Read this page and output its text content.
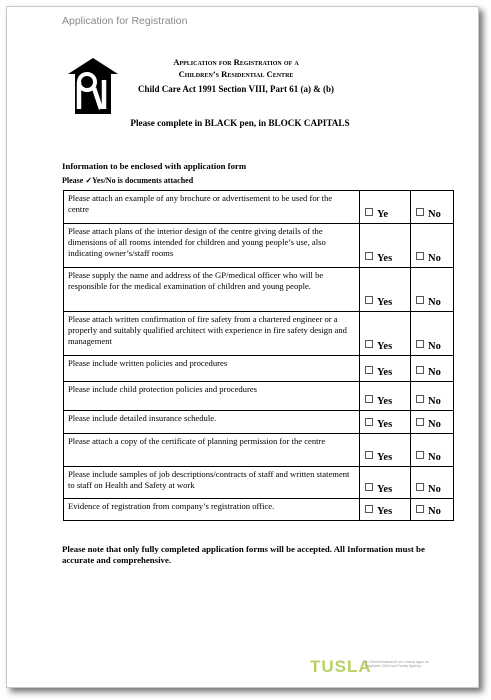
Application for Registration
Application for Registration of a
Children’s Residential Centre
Child Care Act 1991 Section VIII, Part 61 (a) & (b)
Please complete in BLACK pen, in BLOCK CAPITALS
Information to be enclosed with application form
Please ✓Yes/No is documents attached
Please attach an example of any brochure or advertisement to be used for the centre	Ye	No
Please attach plans of the interior design of the centre giving details of the dimensions of all rooms intended for children and young people’s use, also indicating owner’s/staff rooms	Yes	No
Please supply the name and address of the GP/medical officer who will be responsible for the medical examination of children and young people.	Yes	No
Please attach written confirmation of fire safety from a chartered engineer or a properly and suitably qualified architect with experience in fire safety design and management	Yes	No
Please include written policies and procedures	Yes	No
Please include child protection policies and procedures	Yes	No
Please include detailed insurance schedule.	Yes	No
Please attach a copy of the certificate of planning permission for the centre	Yes	No
Please include samples of job descriptions/contracts of staff and written statement to staff on Health and Safety at work	Yes	No
Evidence of registration from company’s registration office.	Yes	No
Please note that only fully completed application forms will be accepted. All Information must be accurate and comprehensive.
TUSLA
An Ghníomhaireacht um Leanaí agus an Teaghlach Child and Family Agency
